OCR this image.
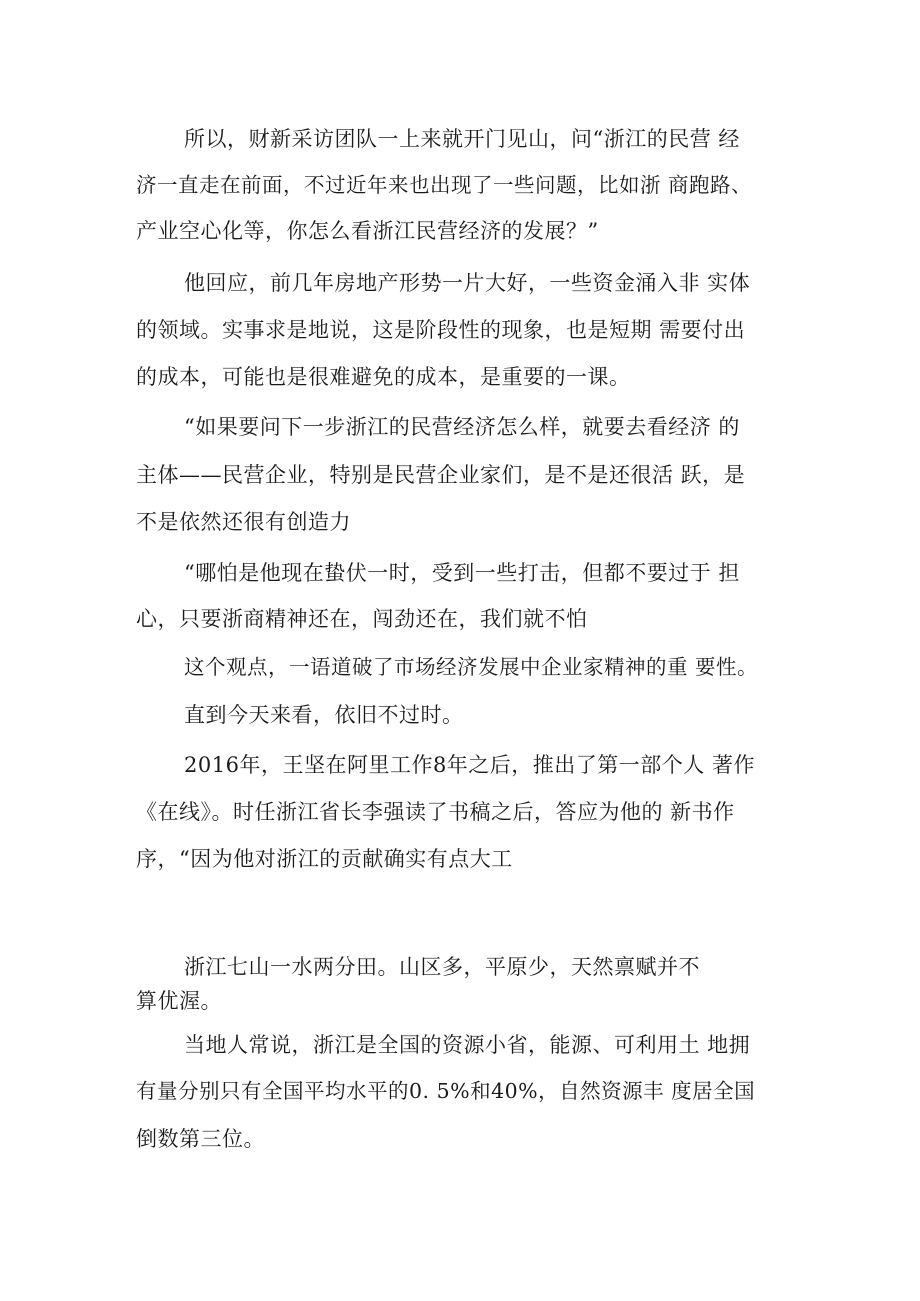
所以，财新采访团队一上来就开门见山，问“浙江的民营 经
济一直走在前面，不过近年来也出现了一些问题，比如浙 商跑路、
产业空心化等，你怎么看浙江民营经济的发展？”
他回应，前几年房地产形势一片大好，一些资金涌入非 实体
的领域。实事求是地说，这是阶段性的现象，也是短期 需要付出
的成本，可能也是很难避免的成本，是重要的一课。
“如果要问下一步浙江的民营经济怎么样，就要去看经济 的
主体——民营企业，特别是民营企业家们，是不是还很活 跃，是
不是依然还很有创造力
“哪怕是他现在蛰伏一时，受到一些打击，但都不要过于 担
心，只要浙商精神还在，闯劲还在，我们就不怕
这个观点，一语道破了市场经济发展中企业家精神的重 要性。
直到今天来看，依旧不过时。
2016年，王坚在阿里工作8年之后，推出了第一部个人 著作
《在线》。时任浙江省长李强读了书稿之后，答应为他的 新书作
序，“因为他对浙江的贡献确实有点大工
浙江七山一水两分田。山区多，平原少，天然禀赋并不
算优渥。
当地人常说，浙江是全国的资源小省，能源、可利用土 地拥
有量分别只有全国平均水平的0. 5%和40%，自然资源丰 度居全国
倒数第三位。
